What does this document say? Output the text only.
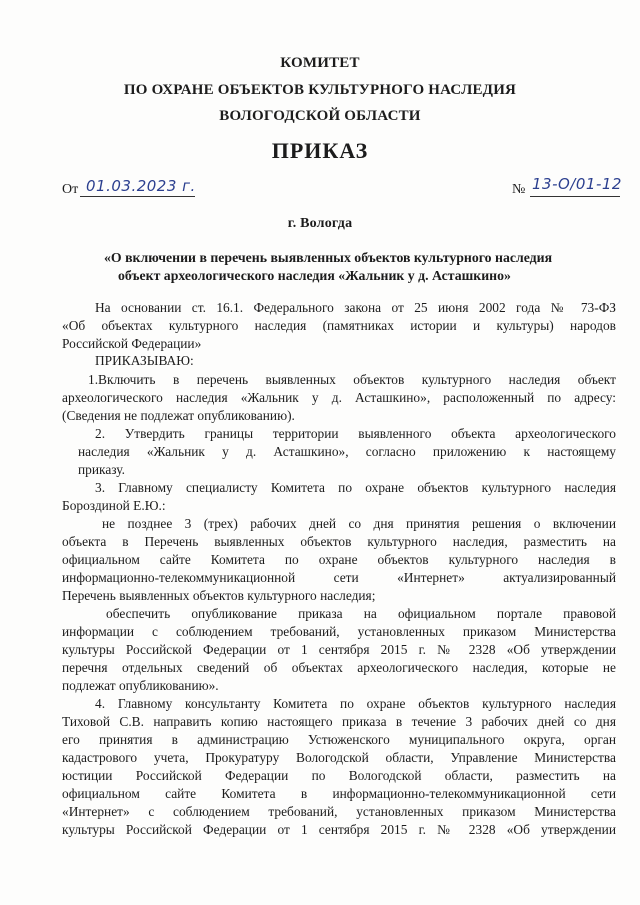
КОМИТЕТ
ПО ОХРАНЕ ОБЪЕКТОВ КУЛЬТУРНОГО НАСЛЕДИЯ
ВОЛОГОДСКОЙ ОБЛАСТИ
ПРИКАЗ
От 01.03.2023 г.	№ 13-О/01-12
г. Вологда
«О включении в перечень выявленных объектов культурного наследия
объект археологического наследия «Жальник у д. Асташкино»
На основании ст. 16.1. Федерального закона от 25 июня 2002 года № 73-ФЗ
«Об объектах культурного наследия (памятниках истории и культуры) народов
Российской Федерации»
ПРИКАЗЫВАЮ:
1.Включить в перечень выявленных объектов культурного наследия объект
археологического наследия «Жальник у д. Асташкино», расположенный по адресу:
(Сведения не подлежат опубликованию).
2. Утвердить границы территории выявленного объекта археологического
наследия «Жальник у д. Асташкино», согласно приложению к настоящему
приказу.
3. Главному специалисту Комитета по охране объектов культурного наследия
Бороздиной Е.Ю.:
не позднее 3 (трех) рабочих дней со дня принятия решения о включении
объекта в Перечень выявленных объектов культурного наследия, разместить на
официальном сайте Комитета по охране объектов культурного наследия в
информационно-телекоммуникационной сети «Интернет» актуализированный
Перечень выявленных объектов культурного наследия;
обеспечить опубликование приказа на официальном портале правовой
информации с соблюдением требований, установленных приказом Министерства
культуры Российской Федерации от 1 сентября 2015 г. № 2328 «Об утверждении
перечня отдельных сведений об объектах археологического наследия, которые не
подлежат опубликованию».
4. Главному консультанту Комитета по охране объектов культурного наследия
Тиховой С.В. направить копию настоящего приказа в течение 3 рабочих дней со дня
его принятия в администрацию Устюженского муниципального округа, орган
кадастрового учета, Прокуратуру Вологодской области, Управление Министерства
юстиции Российской Федерации по Вологодской области, разместить на
официальном сайте Комитета в информационно-телекоммуникационной сети
«Интернет» с соблюдением требований, установленных приказом Министерства
культуры Российской Федерации от 1 сентября 2015 г. № 2328 «Об утверждении
